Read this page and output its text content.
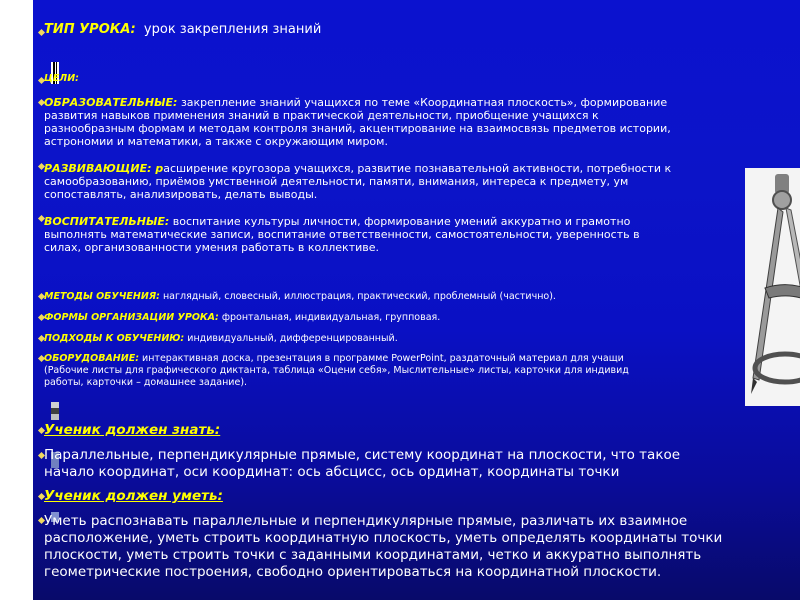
ТИП УРОКА: урок закрепления знаний
ЦЕЛИ:
ОБРАЗОВАТЕЛЬНЫЕ: закрепление знаний учащихся по теме «Координатная плоскость», формирование
развития навыков применения знаний в практической деятельности, приобщение учащихся к
разнообразным формам и методам контроля знаний, акцентирование на взаимосвязь предметов истории,
астрономии и математики, а также с окружающим миром.
РАЗВИВАЮЩИЕ: расширение кругозора учащихся, развитие познавательной активности, потребности к
самообразованию, приёмов умственной деятельности, памяти, внимания, интереса к предмету, ум
сопоставлять, анализировать, делать выводы.
ВОСПИТАТЕЛЬНЫЕ: воспитание культуры личности, формирование умений аккуратно и грамотно
выполнять математические записи, воспитание ответственности, самостоятельности, уверенность в
силах, организованности умения работать в коллективе.
МЕТОДЫ ОБУЧЕНИЯ: наглядный, словесный, иллюстрация, практический, проблемный (частично).
ФОРМЫ ОРГАНИЗАЦИИ УРОКА: фронтальная, индивидуальная, групповая.
ПОДХОДЫ К ОБУЧЕНИЮ: индивидуальный, дифференцированный.
ОБОРУДОВАНИЕ: интерактивная доска, презентация в программе PowerPoint, раздаточный материал для учащи
(Рабочие листы для графического диктанта, таблица «Оцени себя», Мыслительные» листы, карточки для индивид
работы, карточки – домашнее задание).
Ученик должен знать:
Параллельные, перпендикулярные прямые, систему координат на плоскости, что такое
начало координат, оси координат: ось абсцисс, ось ординат, координаты точки
Ученик должен уметь:
Уметь распознавать параллельные и перпендикулярные прямые, различать их взаимное
расположение, уметь строить координатную плоскость, уметь определять координаты точки
плоскости, уметь строить точки с заданными координатами, четко и аккуратно выполнять
геометрические построения, свободно ориентироваться на координатной плоскости.
